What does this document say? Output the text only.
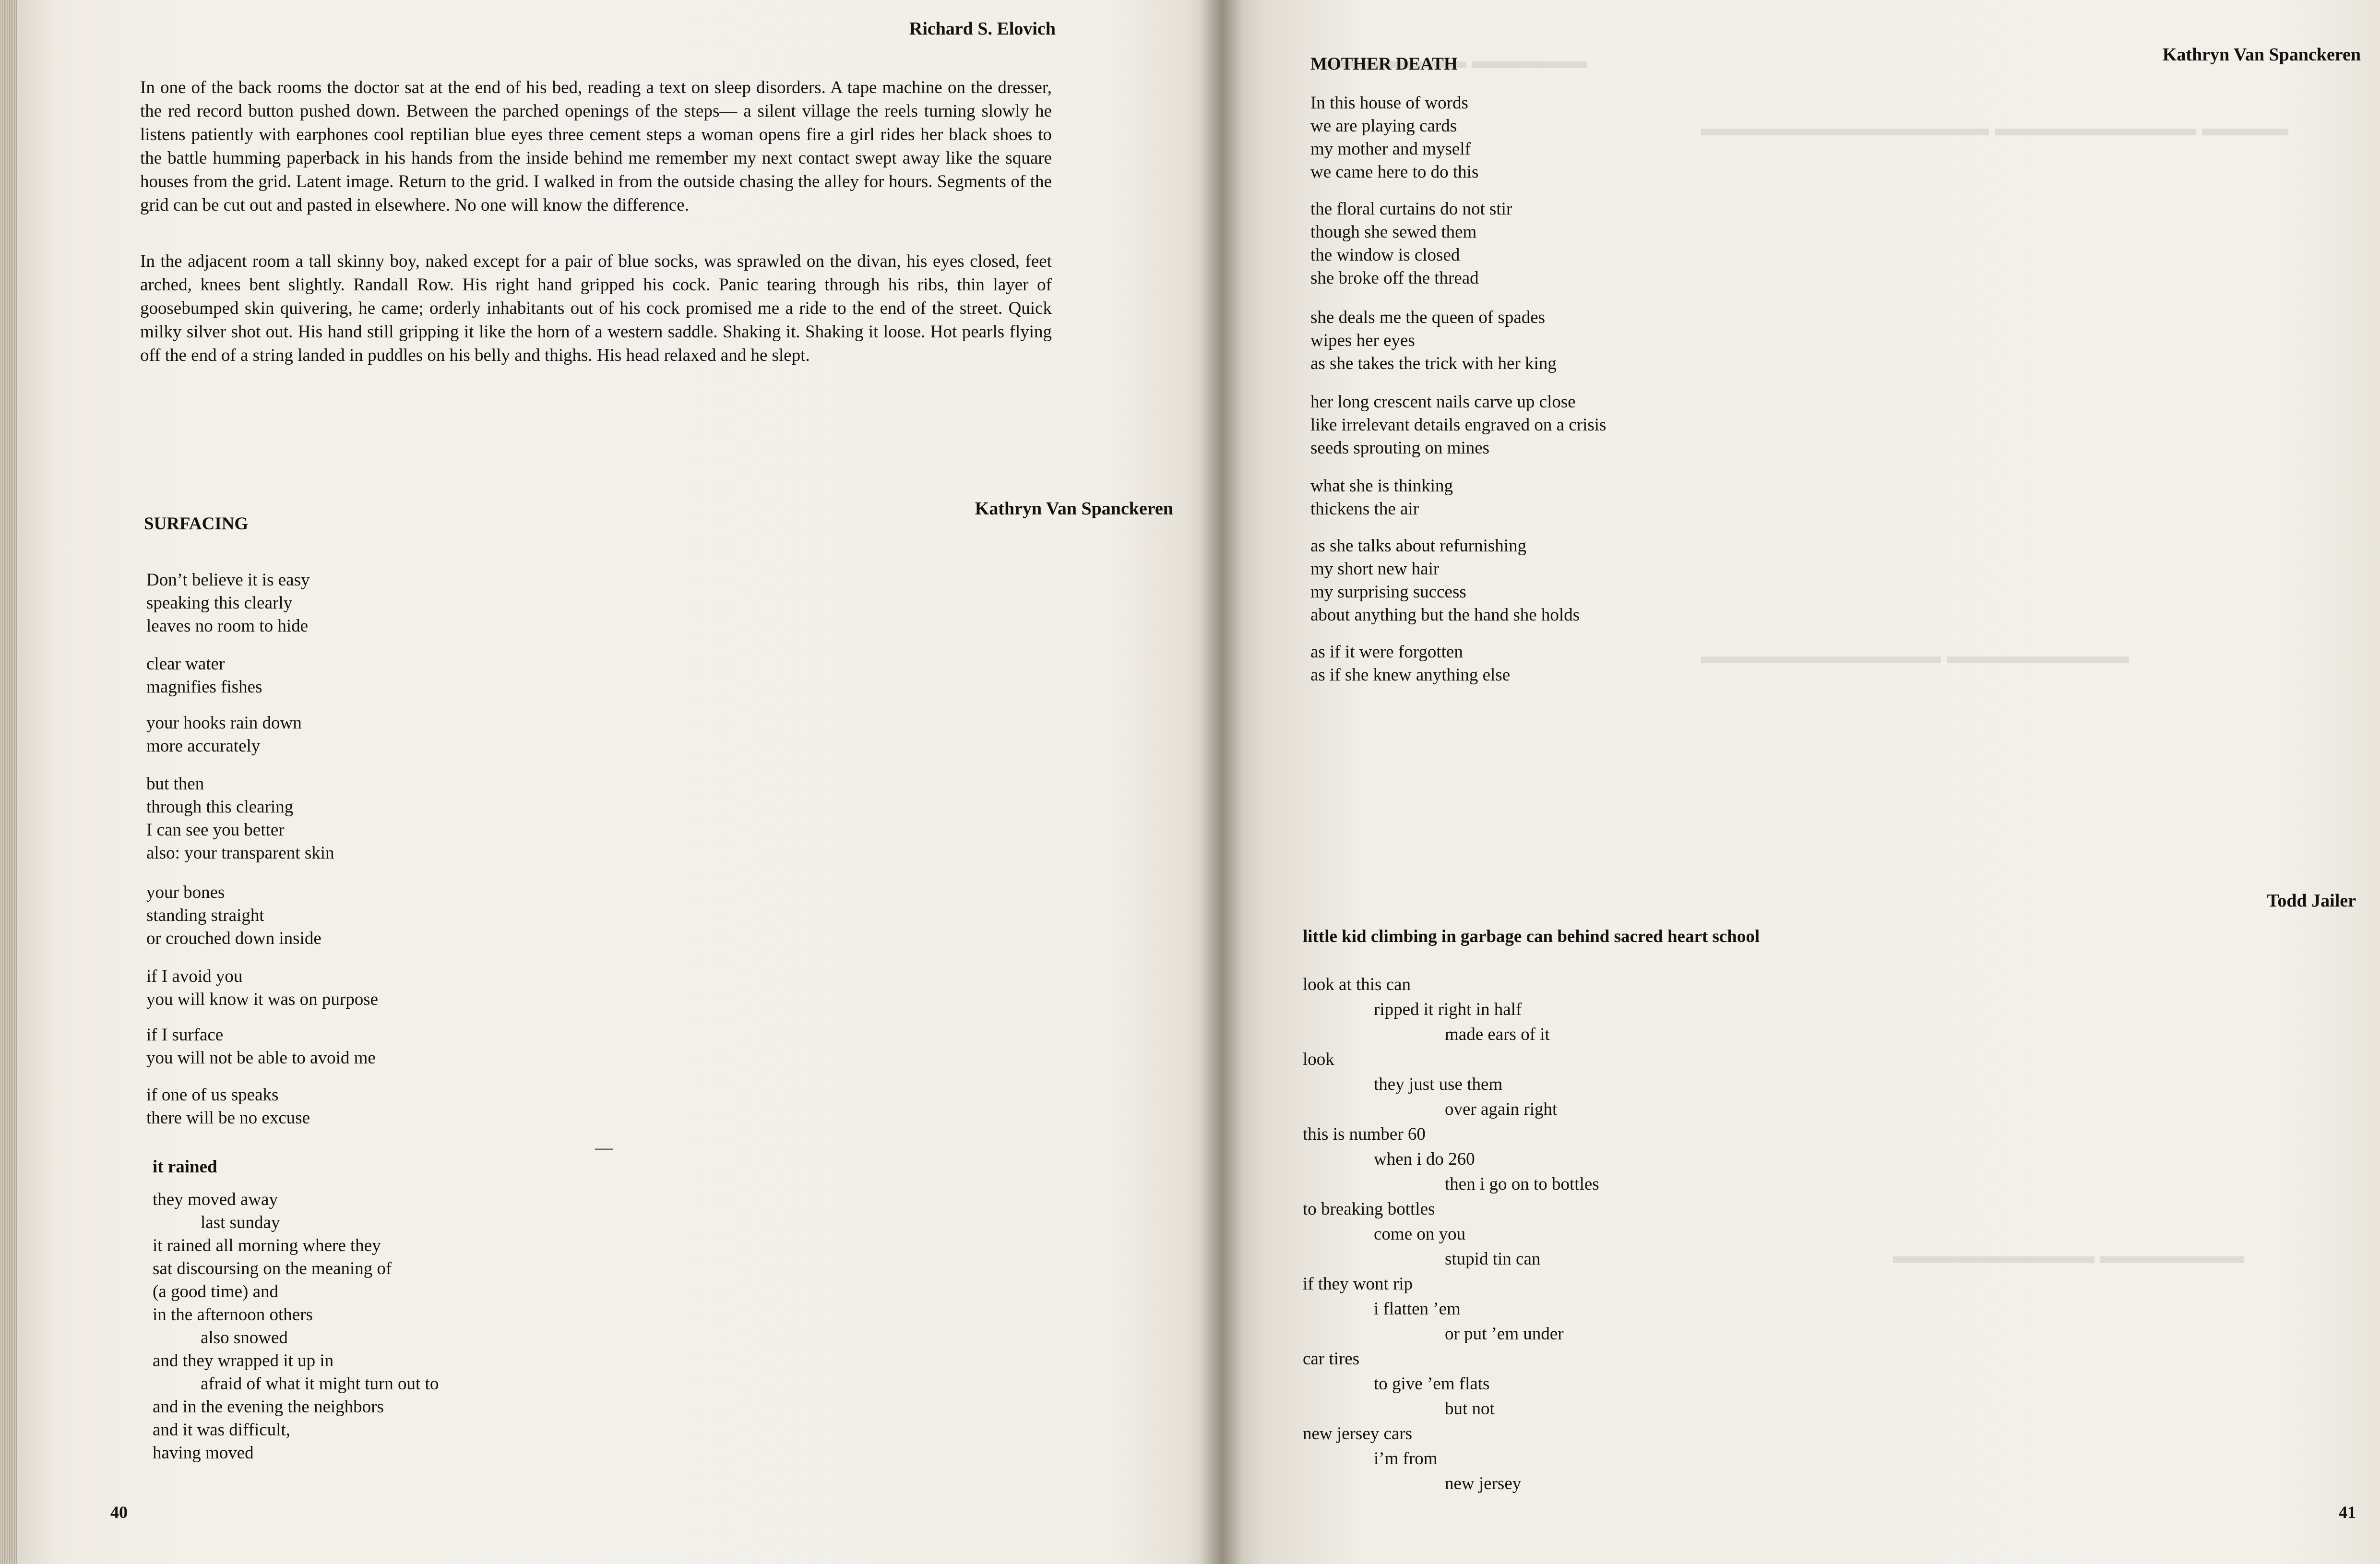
Richard S. Elovich
In one of the back rooms the doctor sat at the end of his bed, reading a text on sleep disorders. A tape machine on the dresser, the red record button pushed down. Between the parched openings of the steps— a silent village the reels turning slowly he listens patiently with earphones cool reptilian blue eyes three cement steps a woman opens fire a girl rides her black shoes to the battle humming paperback in his hands from the inside behind me remember my next contact swept away like the square houses from the grid. Latent image. Return to the grid. I walked in from the outside chasing the alley for hours. Segments of the grid can be cut out and pasted in elsewhere. No one will know the difference.
In the adjacent room a tall skinny boy, naked except for a pair of blue socks, was sprawled on the divan, his eyes closed, feet arched, knees bent slightly. Randall Row. His right hand gripped his cock. Panic tearing through his ribs, thin layer of goosebumped skin quivering, he came; orderly inhabitants out of his cock promised me a ride to the end of the street. Quick milky silver shot out. His hand still gripping it like the horn of a western saddle. Shaking it. Shaking it loose. Hot pearls flying off the end of a string landed in puddles on his belly and thighs. His head relaxed and he slept.
SURFACING
Kathryn Van Spanckeren
Don’t believe it is easy
speaking this clearly
leaves no room to hide
clear water
magnifies fishes
your hooks rain down
more accurately
but then
through this clearing
I can see you better
also: your transparent skin
your bones
standing straight
or crouched down inside
if I avoid you
you will know it was on purpose
if I surface
you will not be able to avoid me
if one of us speaks
there will be no excuse
—
it rained
they moved away
last sunday
it rained all morning where they
sat discoursing on the meaning of
(a good time) and
in the afternoon others
also snowed
and they wrapped it up in
afraid of what it might turn out to
and in the evening the neighbors
and it was difficult,
having moved
40
MOTHER DEATH	Kathryn Van Spanckeren
In this house of words
we are playing cards
my mother and myself
we came here to do this
the floral curtains do not stir
though she sewed them
the window is closed
she broke off the thread
she deals me the queen of spades
wipes her eyes
as she takes the trick with her king
her long crescent nails carve up close
like irrelevant details engraved on a crisis
seeds sprouting on mines
what she is thinking
thickens the air
as she talks about refurnishing
my short new hair
my surprising success
about anything but the hand she holds
as if it were forgotten
as if she knew anything else
Todd Jailer
little kid climbing in garbage can behind sacred heart school
look at this can
ripped it right in half
made ears of it
look
they just use them
over again right
this is number 60
when i do 260
then i go on to bottles
to breaking bottles
come on you
stupid tin can
if they wont rip
i flatten ’em
or put ’em under
car tires
to give ’em flats
but not
new jersey cars
i’m from
new jersey
41
